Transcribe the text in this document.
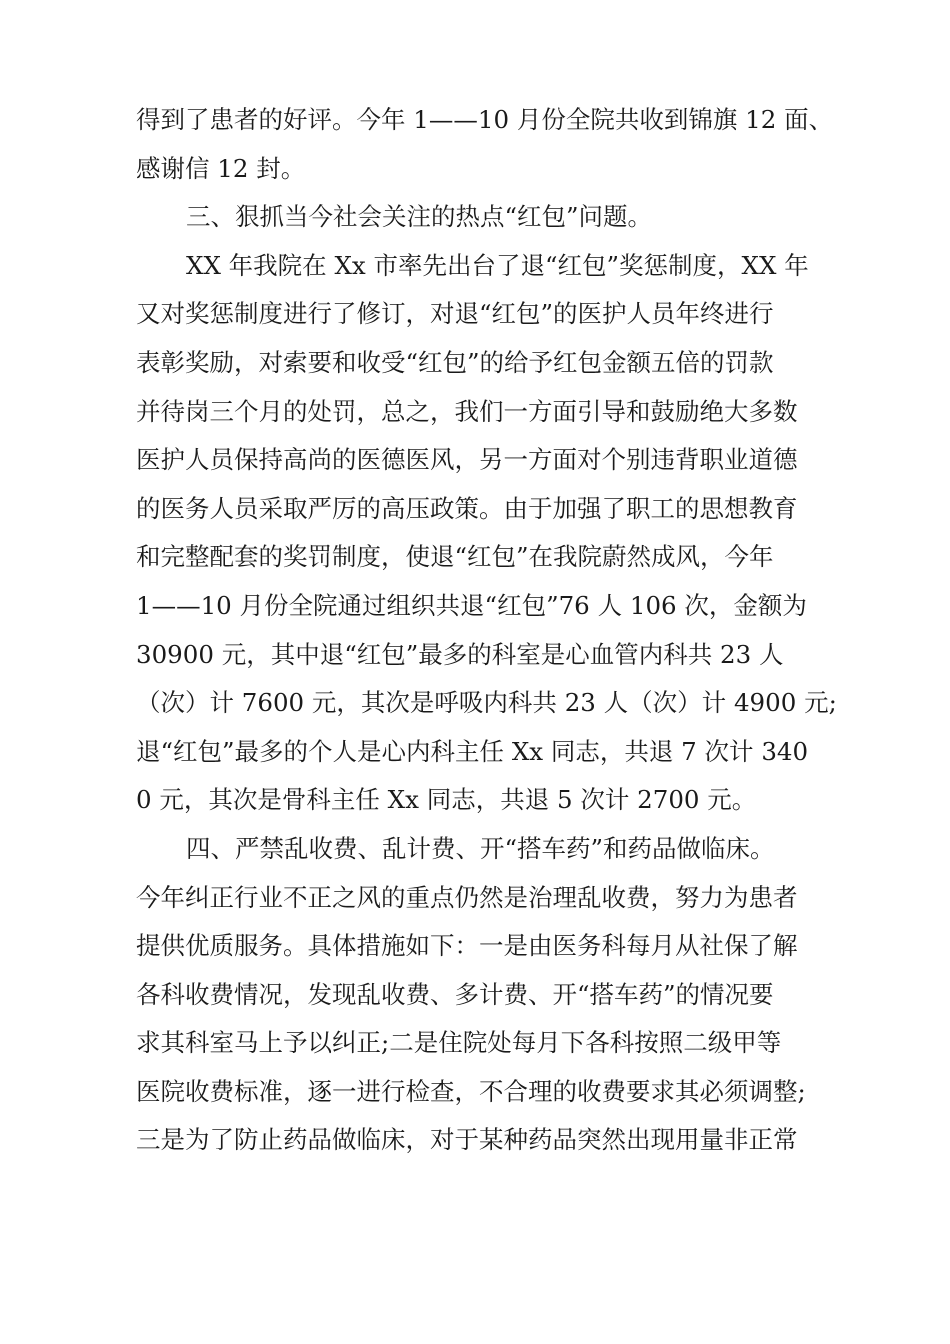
得到了患者的好评。今年 1——10 月份全院共收到锦旗 12 面、
感谢信 12 封。
三、狠抓当今社会关注的热点“红包”问题。
XX 年我院在 Xx 市率先出台了退“红包”奖惩制度，XX 年
又对奖惩制度进行了修订，对退“红包”的医护人员年终进行
表彰奖励，对索要和收受“红包”的给予红包金额五倍的罚款
并待岗三个月的处罚，总之，我们一方面引导和鼓励绝大多数
医护人员保持高尚的医德医风，另一方面对个别违背职业道德
的医务人员采取严厉的高压政策。由于加强了职工的思想教育
和完整配套的奖罚制度，使退“红包”在我院蔚然成风，今年
1——10 月份全院通过组织共退“红包”76 人 106 次，金额为
30900 元，其中退“红包”最多的科室是心血管内科共 23 人
（次）计 7600 元，其次是呼吸内科共 23 人（次）计 4900 元;
退“红包”最多的个人是心内科主任 Xx 同志，共退 7 次计 340
0 元，其次是骨科主任 Xx 同志，共退 5 次计 2700 元。
四、严禁乱收费、乱计费、开“搭车药”和药品做临床。
今年纠正行业不正之风的重点仍然是治理乱收费，努力为患者
提供优质服务。具体措施如下：一是由医务科每月从社保了解
各科收费情况，发现乱收费、多计费、开“搭车药”的情况要
求其科室马上予以纠正;二是住院处每月下各科按照二级甲等
医院收费标准，逐一进行检查，不合理的收费要求其必须调整;
三是为了防止药品做临床，对于某种药品突然出现用量非正常
